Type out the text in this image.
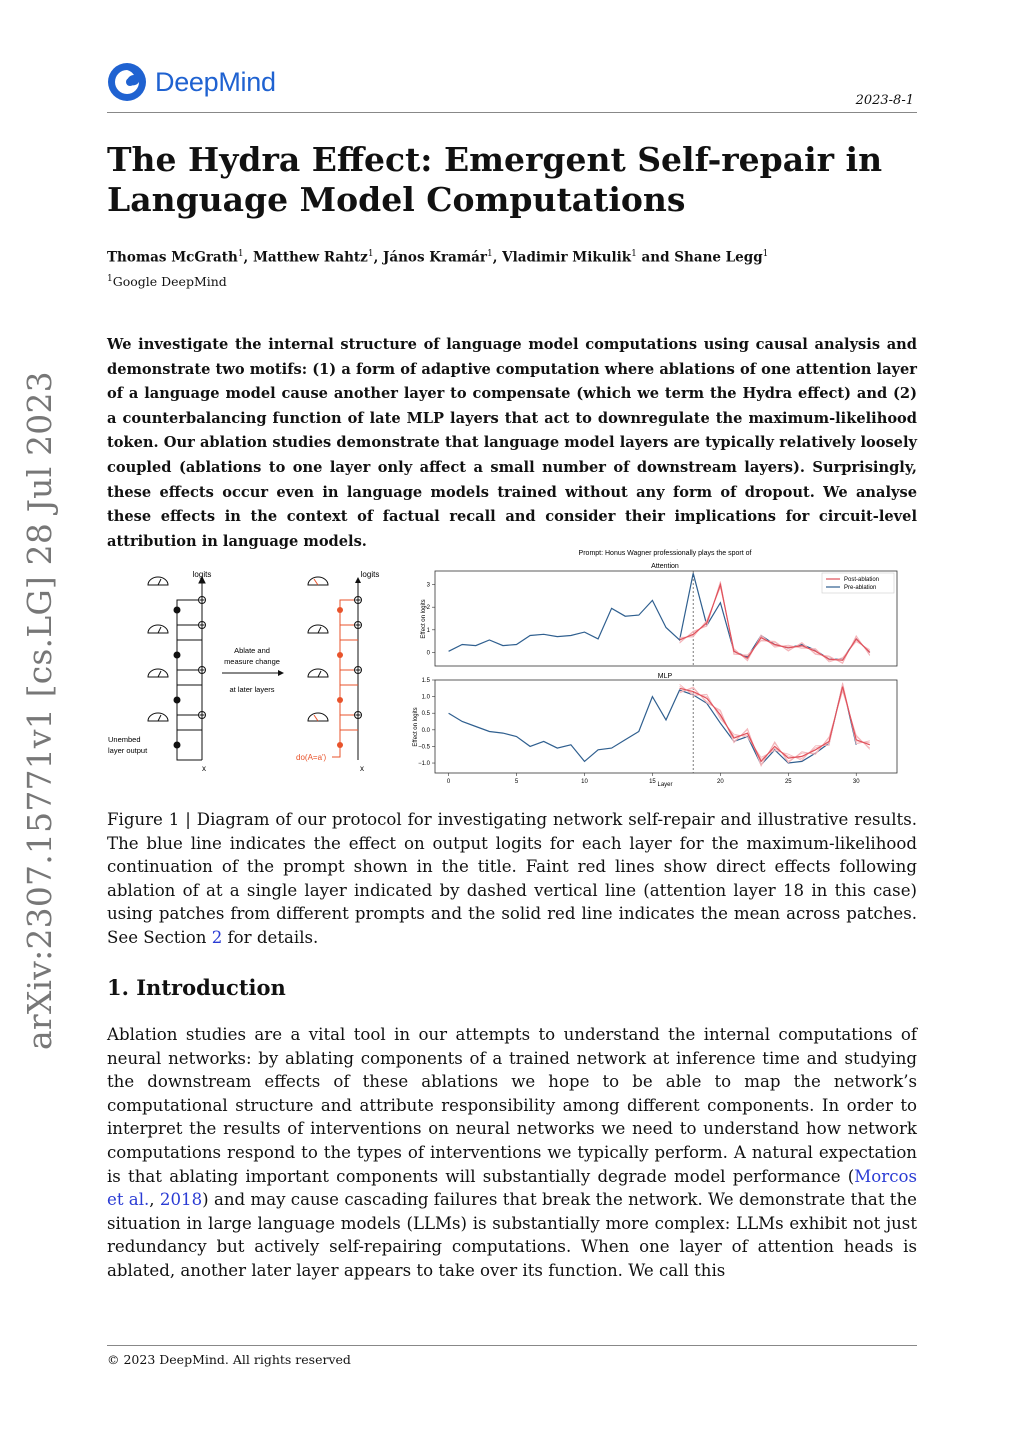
DeepMind
2023-8-1
The Hydra Effect: Emergent Self-repair in Language Model Computations
Thomas McGrath$^1$, Matthew Rahtz$^1$, János Kramár$^1$, Vladimir Mikulik$^1$ and Shane Legg$^1$
$^1$Google DeepMind
We investigate the internal structure of language model computations using causal analysis and demonstrate two motifs: (1) a form of adaptive computation where ablations of one attention layer of a language model cause another layer to compensate (which we term the Hydra effect) and (2) a counterbalancing function of late MLP layers that act to downregulate the maximum-likelihood token. Our ablation studies demonstrate that language model layers are typically relatively loosely coupled (ablations to one layer only affect a small number of downstream layers). Surprisingly, these effects occur even in language models trained without any form of dropout. We analyse these effects in the context of factual recall and consider their implications for circuit-level attribution in language models.
arXiv:2307.15771v1 [cs.LG] 28 Jul 2023	logits
x
Unembed
layer output
Ablate and
measure change
at later layers
logits
x
do(A=a')
Prompt: Honus Wagner professionally plays the sport of
Attention
MLP
Effect on logits
Effect on logits
Layer
0
1
2
3
−1.0
−0.5
0.0
0.5
1.0
1.5
0	5	10	15	20	25	30
Post-ablation
Pre-ablation
Figure 1 | Diagram of our protocol for investigating network self-repair and illustrative results. The blue line indicates the effect on output logits for each layer for the maximum-likelihood continuation of the prompt shown in the title. Faint red lines show direct effects following ablation of at a single layer indicated by dashed vertical line (attention layer 18 in this case) using patches from different prompts and the solid red line indicates the mean across patches. See Section 2 for details.
1. Introduction
Ablation studies are a vital tool in our attempts to understand the internal computations of neural networks: by ablating components of a trained network at inference time and studying the downstream effects of these ablations we hope to be able to map the network’s computational structure and attribute responsibility among different components. In order to interpret the results of interventions on neural networks we need to understand how network computations respond to the types of interventions we typically perform. A natural expectation is that ablating important components will substantially degrade model performance (Morcos et al., 2018) and may cause cascading failures that break the network. We demonstrate that the situation in large language models (LLMs) is substantially more complex: LLMs exhibit not just redundancy but actively self-repairing computations. When one layer of attention heads is ablated, another later layer appears to take over its function. We call this
© 2023 DeepMind. All rights reserved
